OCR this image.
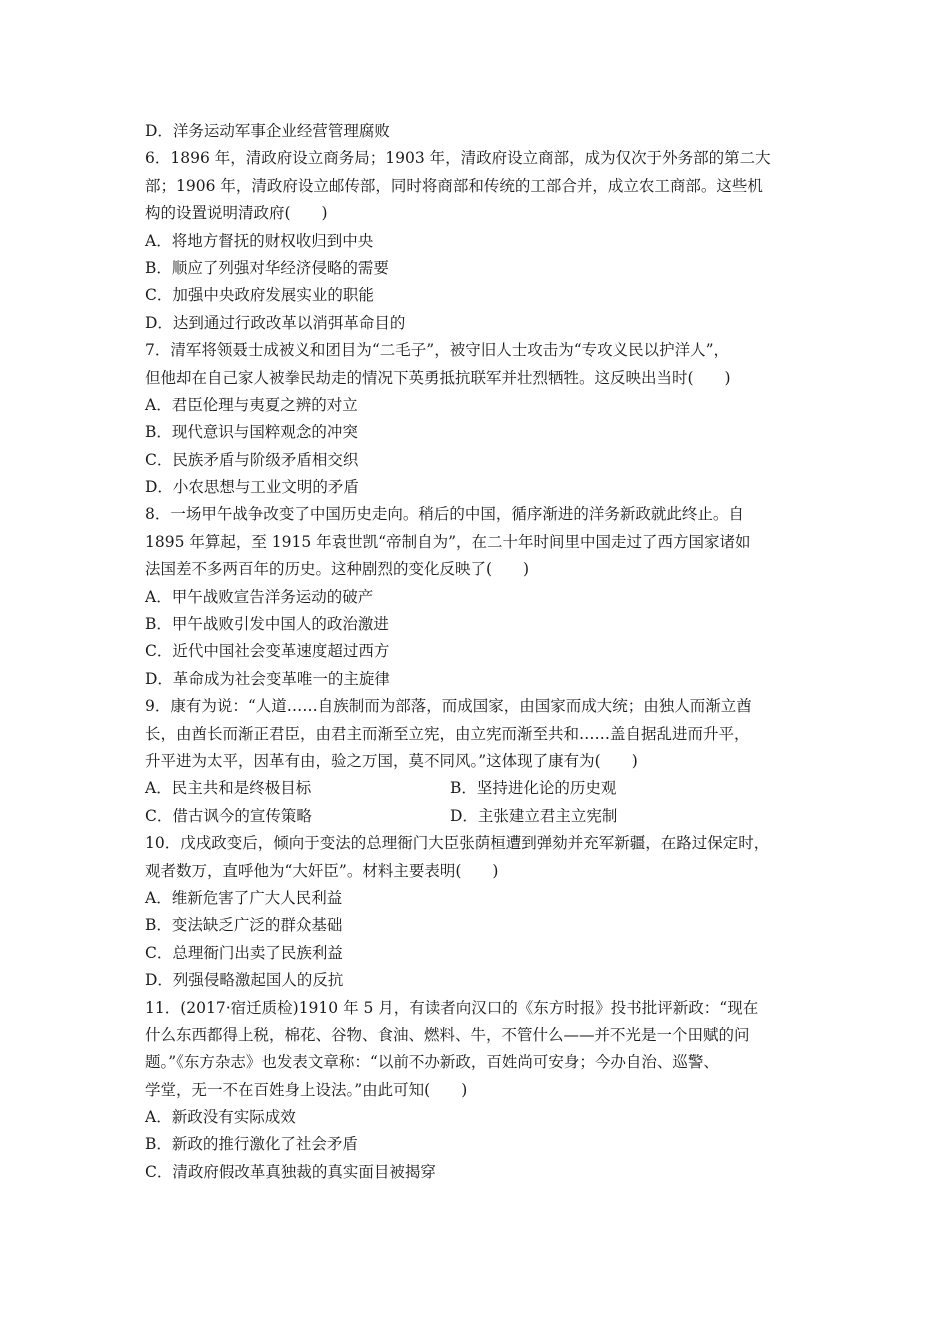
D．洋务运动军事企业经营管理腐败
6．1896 年，清政府设立商务局；1903 年，清政府设立商部，成为仅次于外务部的第二大
部；1906 年，清政府设立邮传部，同时将商部和传统的工部合并，成立农工商部。这些机
构的设置说明清政府(　　)
A．将地方督抚的财权收归到中央
B．顺应了列强对华经济侵略的需要
C．加强中央政府发展实业的职能
D．达到通过行政改革以消弭革命目的
7．清军将领聂士成被义和团目为“二毛子”，被守旧人士攻击为“专攻义民以护洋人”，
但他却在自己家人被拳民劫走的情况下英勇抵抗联军并壮烈牺牲。这反映出当时(　　)
A．君臣伦理与夷夏之辨的对立
B．现代意识与国粹观念的冲突
C．民族矛盾与阶级矛盾相交织
D．小农思想与工业文明的矛盾
8．一场甲午战争改变了中国历史走向。稍后的中国，循序渐进的洋务新政就此终止。自
1895 年算起，至 1915 年袁世凯“帝制自为”，在二十年时间里中国走过了西方国家诸如
法国差不多两百年的历史。这种剧烈的变化反映了(　　)
A．甲午战败宣告洋务运动的破产
B．甲午战败引发中国人的政治激进
C．近代中国社会变革速度超过西方
D．革命成为社会变革唯一的主旋律
9．康有为说：“人道……自族制而为部落，而成国家，由国家而成大统；由独人而渐立酋
长，由酋长而渐正君臣，由君主而渐至立宪，由立宪而渐至共和……盖自据乱进而升平，
升平进为太平，因革有由，验之万国，莫不同风。”这体现了康有为(　　)
A．民主共和是终极目标	B．坚持进化论的历史观
C．借古讽今的宣传策略	D．主张建立君主立宪制
10．戊戌政变后，倾向于变法的总理衙门大臣张荫桓遭到弹劾并充军新疆，在路过保定时，
观者数万，直呼他为“大奸臣”。材料主要表明(　　)
A．维新危害了广大人民利益
B．变法缺乏广泛的群众基础
C．总理衙门出卖了民族利益
D．列强侵略激起国人的反抗
11．(2017·宿迁质检)1910 年 5 月，有读者向汉口的《东方时报》投书批评新政：“现在
什么东西都得上税，棉花、谷物、食油、燃料、牛，不管什么——并不光是一个田赋的问
题。”《东方杂志》也发表文章称：“以前不办新政，百姓尚可安身；今办自治、巡警、
学堂，无一不在百姓身上设法。”由此可知(　　)
A．新政没有实际成效
B．新政的推行激化了社会矛盾
C．清政府假改革真独裁的真实面目被揭穿
